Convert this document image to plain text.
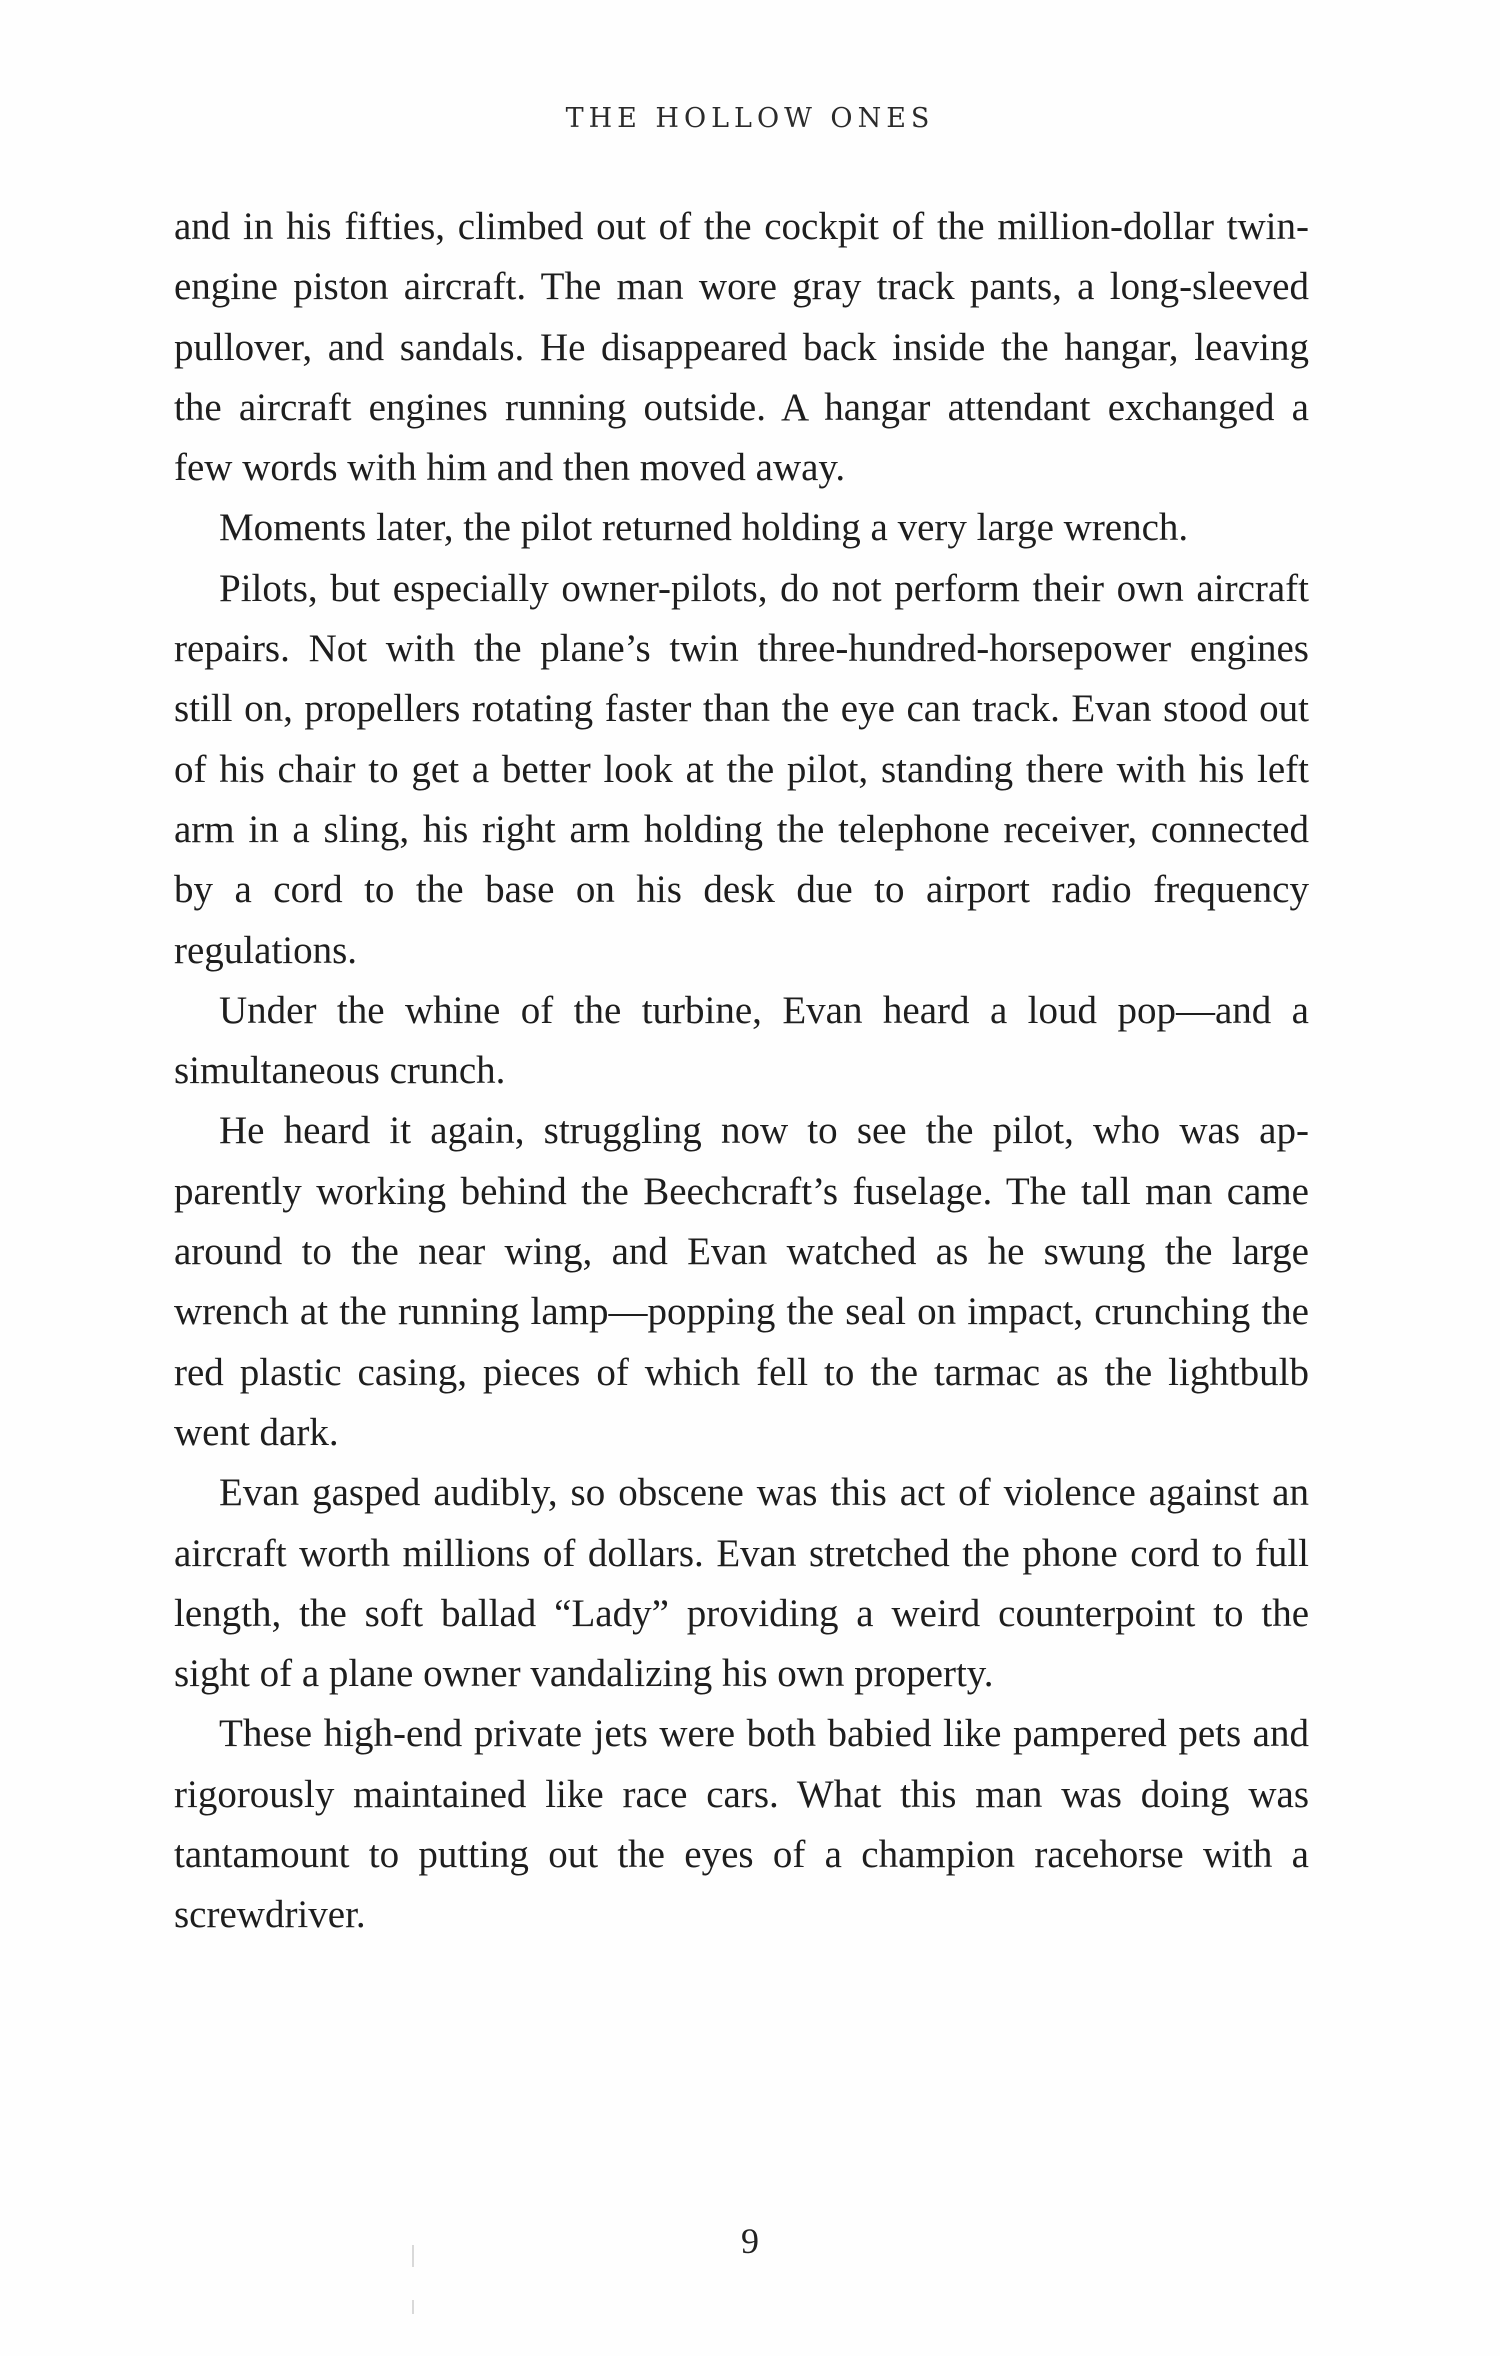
THE HOLLOW ONES

and in his fifties, climbed out of the cockpit of the million-dollar twin-engine piston aircraft. The man wore gray track pants, a long-sleeved pullover, and sandals. He disappeared back inside the hangar, leaving the aircraft engines running outside. A hangar attendant exchanged a few words with him and then moved away.

Moments later, the pilot returned holding a very large wrench.

Pilots, but especially owner-pilots, do not perform their own aircraft repairs. Not with the plane’s twin three-hundred-horsepower engines still on, propellers rotating faster than the eye can track. Evan stood out of his chair to get a better look at the pilot, standing there with his left arm in a sling, his right arm holding the telephone receiver, connected by a cord to the base on his desk due to airport radio frequency regulations.

Under the whine of the turbine, Evan heard a loud pop—and a simultaneous crunch.

He heard it again, struggling now to see the pilot, who was apparently working behind the Beechcraft’s fuselage. The tall man came around to the near wing, and Evan watched as he swung the large wrench at the running lamp—popping the seal on impact, crunching the red plastic casing, pieces of which fell to the tarmac as the lightbulb went dark.

Evan gasped audibly, so obscene was this act of violence against an aircraft worth millions of dollars. Evan stretched the phone cord to full length, the soft ballad “Lady” providing a weird counterpoint to the sight of a plane owner vandalizing his own property.

These high-end private jets were both babied like pampered pets and rigorously maintained like race cars. What this man was doing was tantamount to putting out the eyes of a champion racehorse with a screwdriver.

9
